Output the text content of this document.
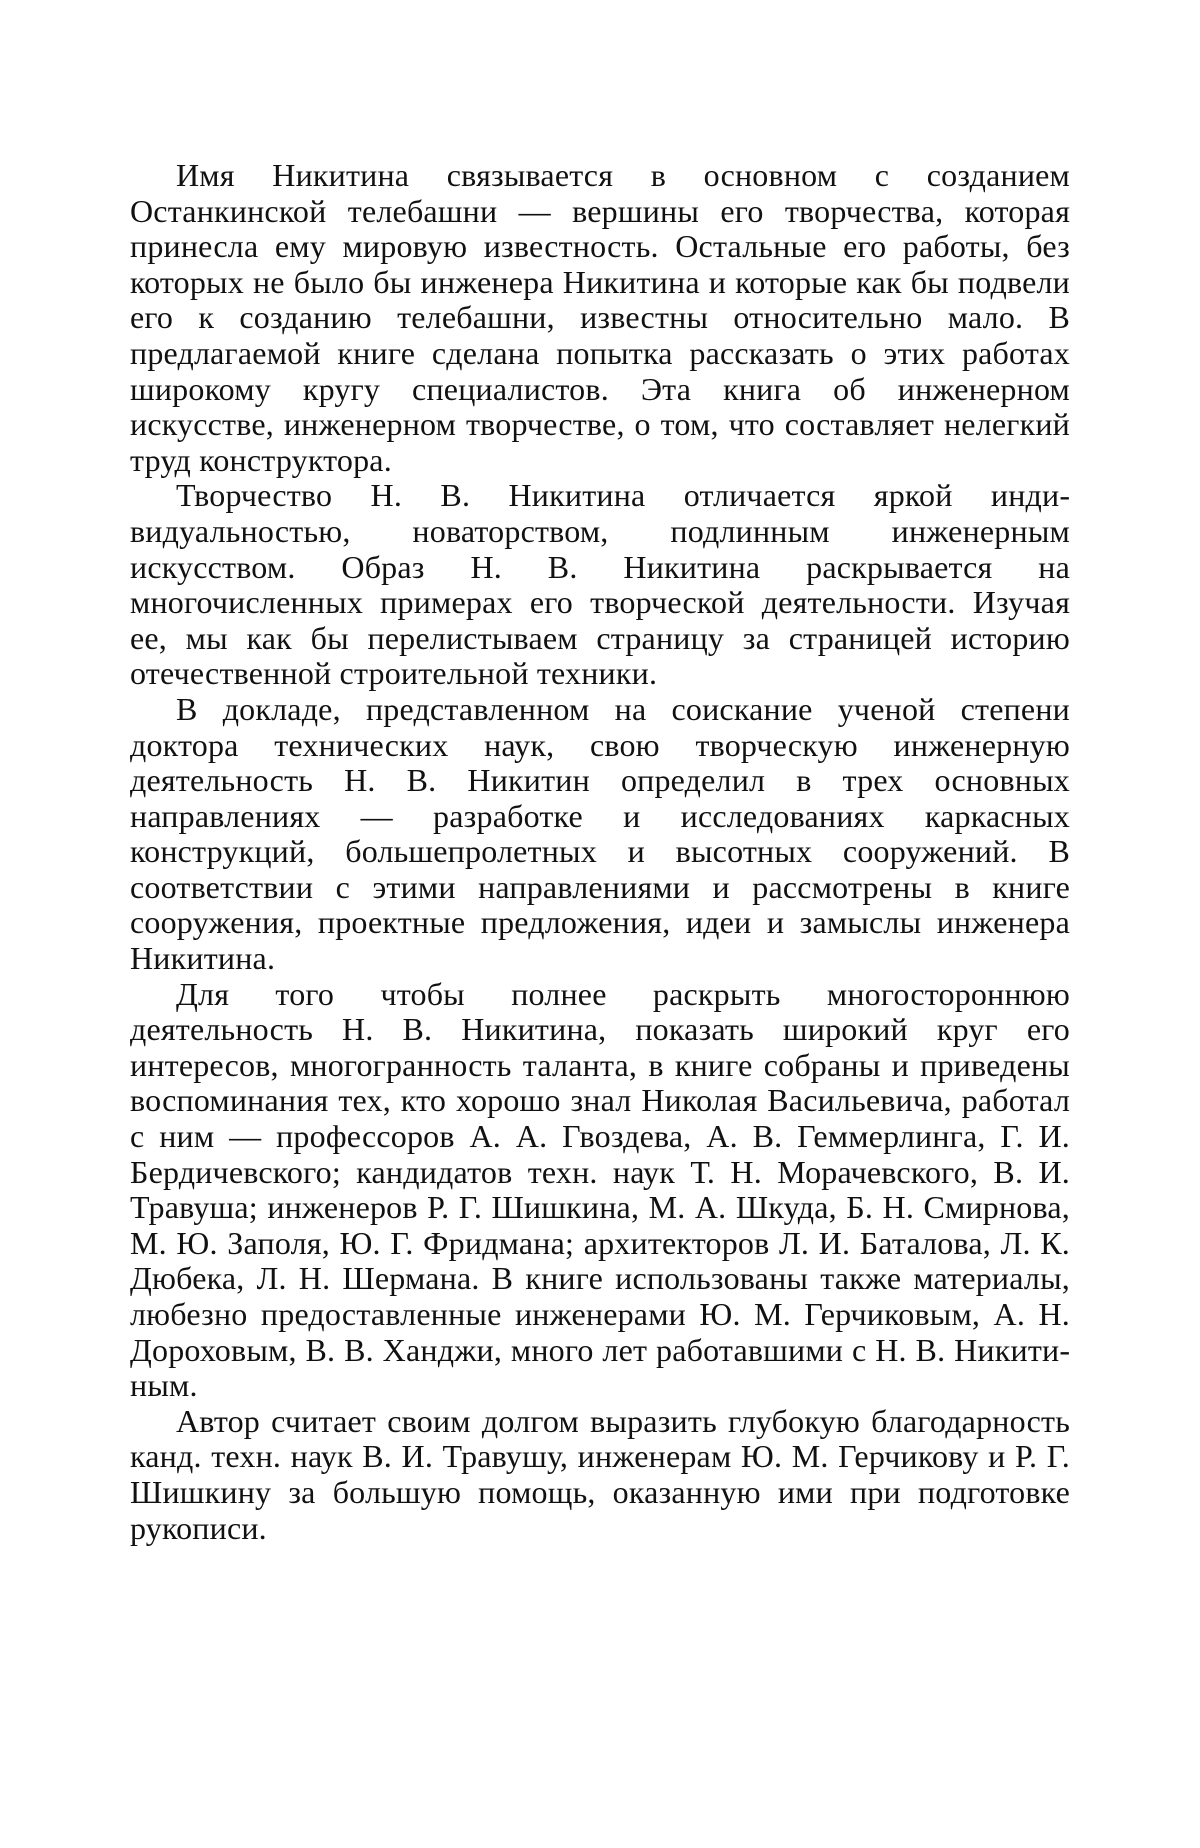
Имя Никитина связывается в основном с созданием Останкинской телебашни — вершины его творчества, которая принесла ему мировую известность. Остальные его работы, без которых не было бы инженера Никитина и которые как бы подвели его к созданию телебашни, известны относительно мало. В предлагаемой книге сделана попытка рассказать о этих работах широкому кругу специалистов. Эта книга об инженерном искусстве, инженерном творчестве, о том, что составляет нелегкий труд конструктора.

Творчество Н. В. Никитина отличается яркой индивидуальностью, новаторством, подлинным инженерным искусством. Образ Н. В. Никитина раскрывается на многочисленных примерах его творческой деятельности. Изучая ее, мы как бы перелистываем страницу за страницей историю отечественной строительной техники.

В докладе, представленном на соискание ученой степени доктора технических наук, свою творческую инженерную деятельность Н. В. Никитин определил в трех основных направлениях — разработке и исследованиях каркасных конструкций, большепролетных и высотных сооружений. В соответствии с этими направлениями и рассмотрены в книге сооружения, проектные предложения, идеи и замыслы инженера Никитина.

Для того чтобы полнее раскрыть многостороннюю деятельность Н. В. Никитина, показать широкий круг его интересов, многогранность таланта, в книге собраны и приведены воспоминания тех, кто хорошо знал Николая Васильевича, работал с ним — профессоров А. А. Гвоздева, А. В. Геммерлинга, Г. И. Бердичевского; кандидатов техн. наук Т. Н. Морачевского, В. И. Травуша; инженеров Р. Г. Шишкина, М. А. Шкуда, Б. Н. Смирнова, М. Ю. Заполя, Ю. Г. Фридмана; архитекторов Л. И. Баталова, Л. К. Дюбека, Л. Н. Шермана. В книге использованы также материалы, любезно предоставленные инженерами Ю. М. Герчиковым, А. Н. Дороховым, В. В. Ханджи, много лет работавшими с Н. В. Никитиным.

Автор считает своим долгом выразить глубокую благодарность канд. техн. наук В. И. Травушу, инженерам Ю. М. Герчикову и Р. Г. Шишкину за большую помощь, оказанную ими при подготовке рукописи.
